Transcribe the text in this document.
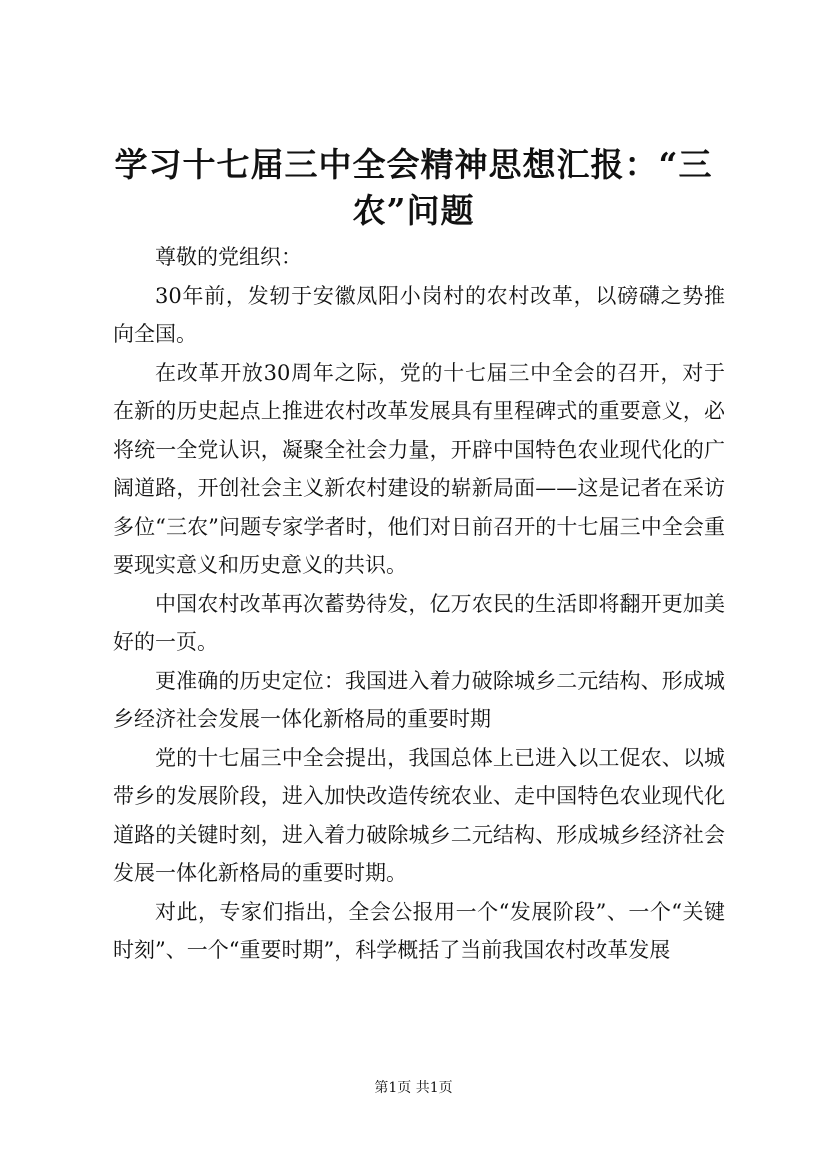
学习十七届三中全会精神思想汇报：“三农”问题

尊敬的党组织：

30年前，发轫于安徽凤阳小岗村的农村改革，以磅礴之势推向全国。

在改革开放30周年之际，党的十七届三中全会的召开，对于在新的历史起点上推进农村改革发展具有里程碑式的重要意义，必将统一全党认识，凝聚全社会力量，开辟中国特色农业现代化的广阔道路，开创社会主义新农村建设的崭新局面——这是记者在采访多位“三农”问题专家学者时，他们对日前召开的十七届三中全会重要现实意义和历史意义的共识。

中国农村改革再次蓄势待发，亿万农民的生活即将翻开更加美好的一页。

更准确的历史定位：我国进入着力破除城乡二元结构、形成城乡经济社会发展一体化新格局的重要时期

党的十七届三中全会提出，我国总体上已进入以工促农、以城带乡的发展阶段，进入加快改造传统农业、走中国特色农业现代化道路的关键时刻，进入着力破除城乡二元结构、形成城乡经济社会发展一体化新格局的重要时期。

对此，专家们指出，全会公报用一个“发展阶段”、一个“关键时刻”、一个“重要时期”，科学概括了当前我国农村改革发展

第1页 共1页
